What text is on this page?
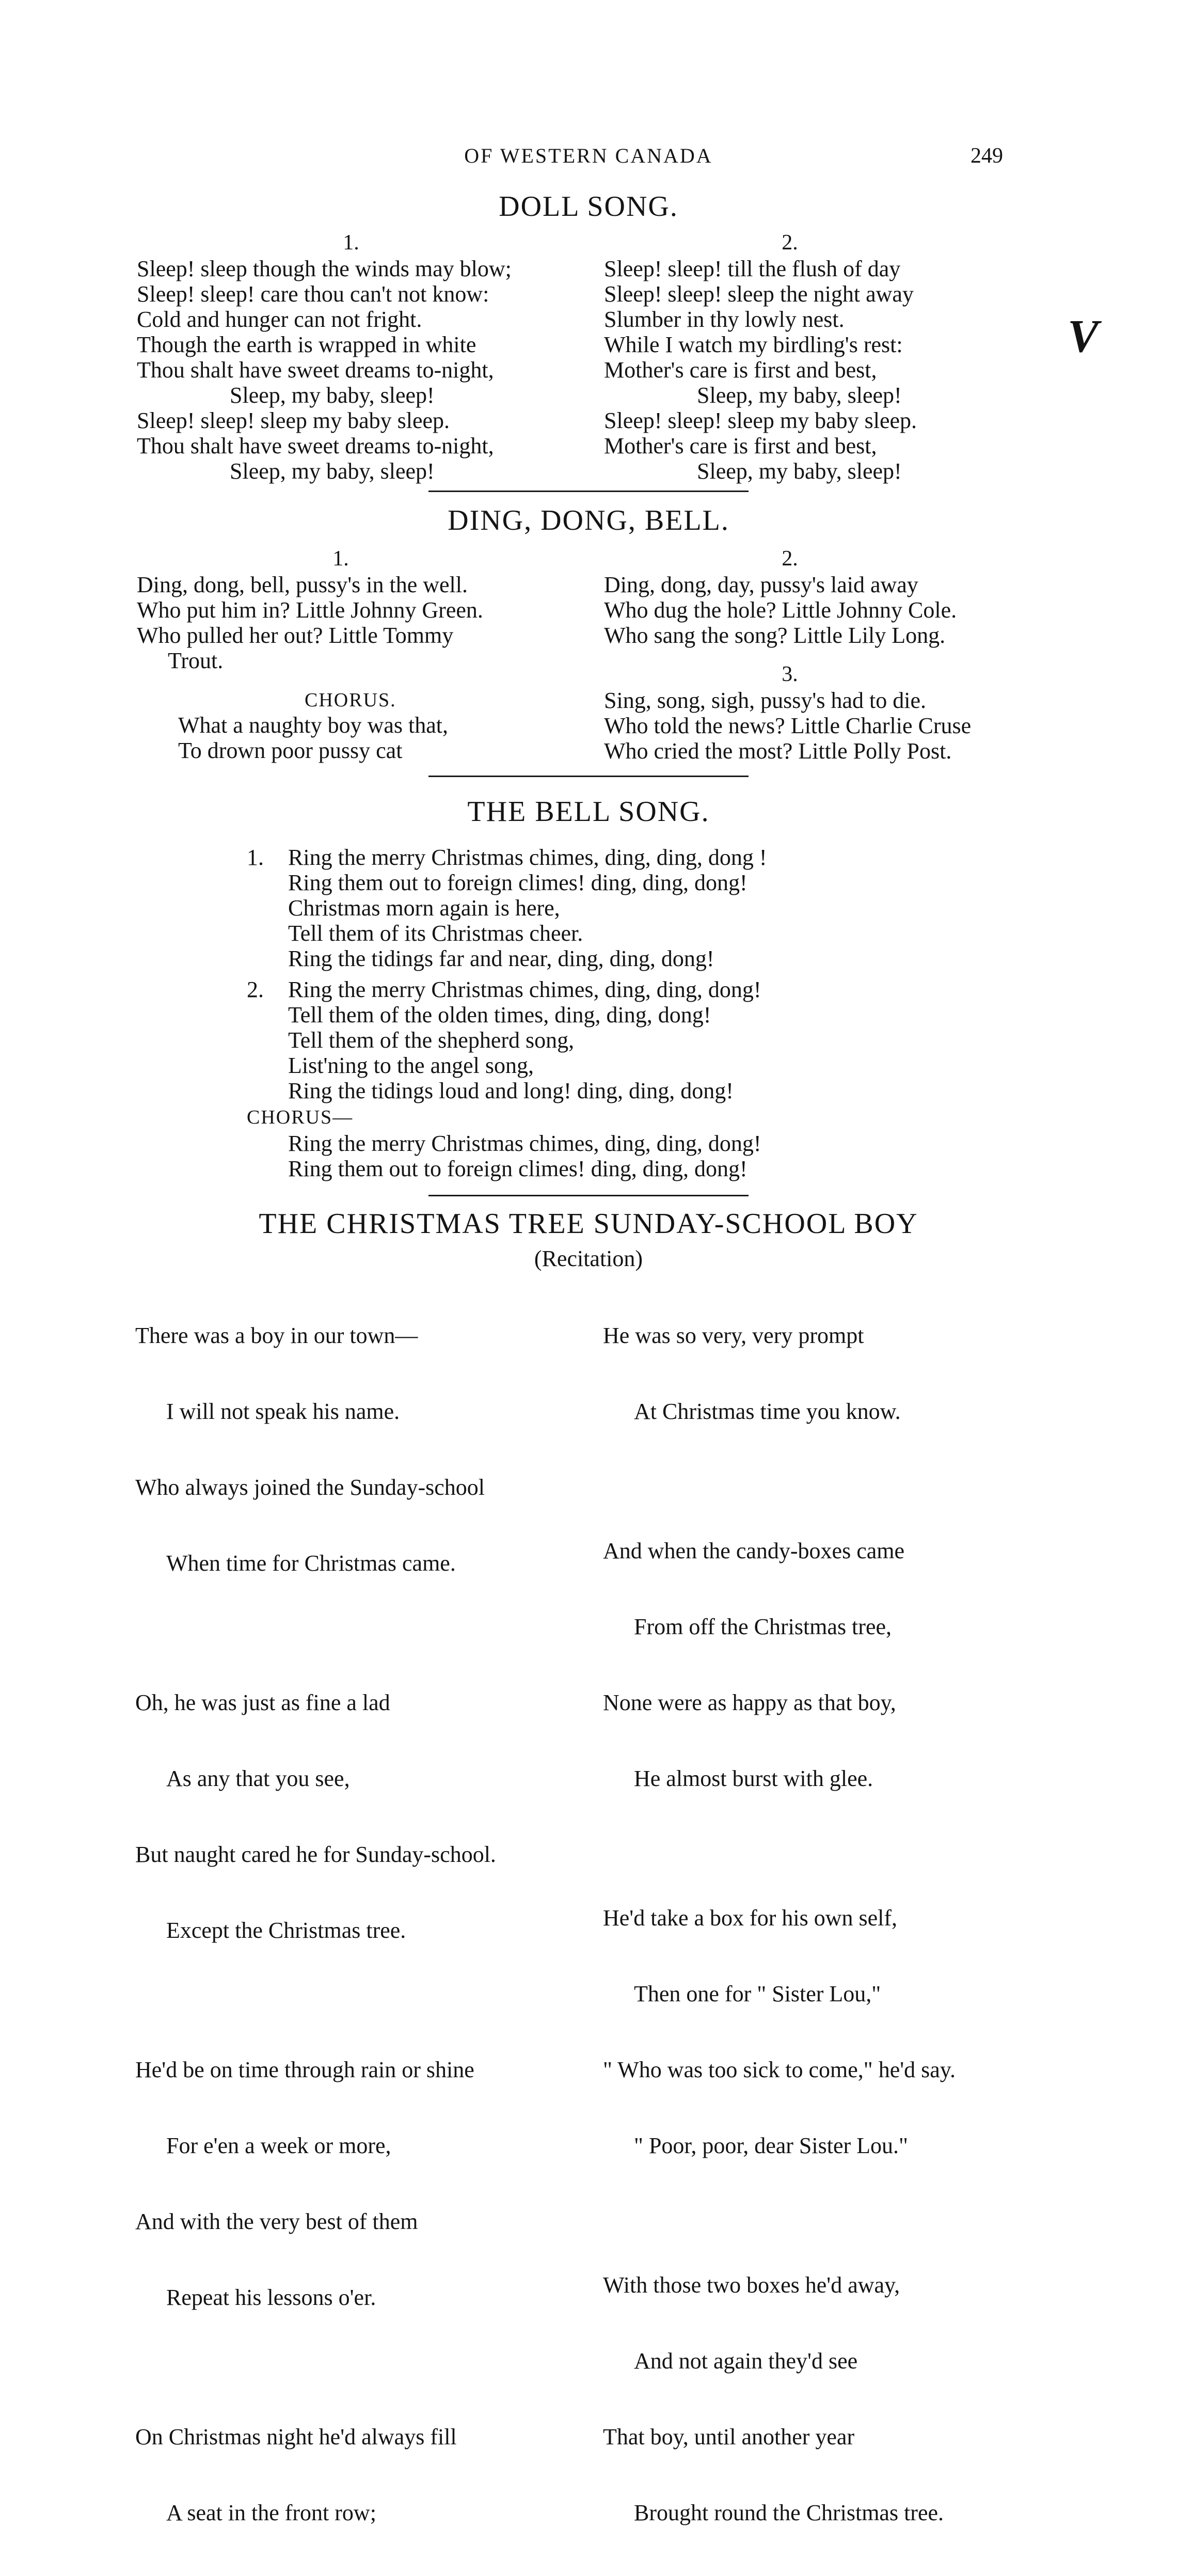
OF WESTERN CANADA	249
DOLL SONG.
1.	2.
Sleep! sleep though the winds may blow;
Sleep! sleep! care thou can't not know:
Cold and hunger can not fright.
Though the earth is wrapped in white
Thou shalt have sweet dreams to-night,
Sleep, my baby, sleep!
Sleep! sleep! sleep my baby sleep.
Thou shalt have sweet dreams to-night,
Sleep, my baby, sleep!
Sleep! sleep! till the flush of day
Sleep! sleep! sleep the night away
Slumber in thy lowly nest.
While I watch my birdling's rest:
Mother's care is first and best,
Sleep, my baby, sleep!
Sleep! sleep! sleep my baby sleep.
Mother's care is first and best,
Sleep, my baby, sleep!
V
DING, DONG, BELL.
1.	2.
Ding, dong, bell, pussy's in the well.
Who put him in? Little Johnny Green.
Who pulled her out? Little Tommy
Trout.
Ding, dong, day, pussy's laid away
Who dug the hole? Little Johnny Cole.
Who sang the song? Little Lily Long.
3.
CHORUS.
What a naughty boy was that,
To drown poor pussy cat
Sing, song, sigh, pussy's had to die.
Who told the news? Little Charlie Cruse
Who cried the most? Little Polly Post.
THE BELL SONG.
1.	Ring the merry Christmas chimes, ding, ding, dong !
Ring them out to foreign climes! ding, ding, dong!
Christmas morn again is here,
Tell them of its Christmas cheer.
Ring the tidings far and near, ding, ding, dong!
2.	Ring the merry Christmas chimes, ding, ding, dong!
Tell them of the olden times, ding, ding, dong!
Tell them of the shepherd song,
List'ning to the angel song,
Ring the tidings loud and long! ding, ding, dong!
CHORUS—
Ring the merry Christmas chimes, ding, ding, dong!
Ring them out to foreign climes! ding, ding, dong!
THE CHRISTMAS TREE SUNDAY-SCHOOL BOY
(Recitation)

There was a boy in our town—

I will not speak his name.

Who always joined the Sunday-school

When time for Christmas came.

Oh, he was just as fine a lad

As any that you see,

But naught cared he for Sunday-school.

Except the Christmas tree.

He'd be on time through rain or shine

For e'en a week or more,

And with the very best of them

Repeat his lessons o'er.

On Christmas night he'd always fill

A seat in the front row;

He was so very, very prompt

At Christmas time you know.

And when the candy-boxes came

From off the Christmas tree,

None were as happy as that boy,

He almost burst with glee.

He'd take a box for his own self,

Then one for " Sister Lou,"

" Who was too sick to come," he'd say.

" Poor, poor, dear Sister Lou."

With those two boxes he'd away,

And not again they'd see

That boy, until another year

Brought round the Christmas tree.
